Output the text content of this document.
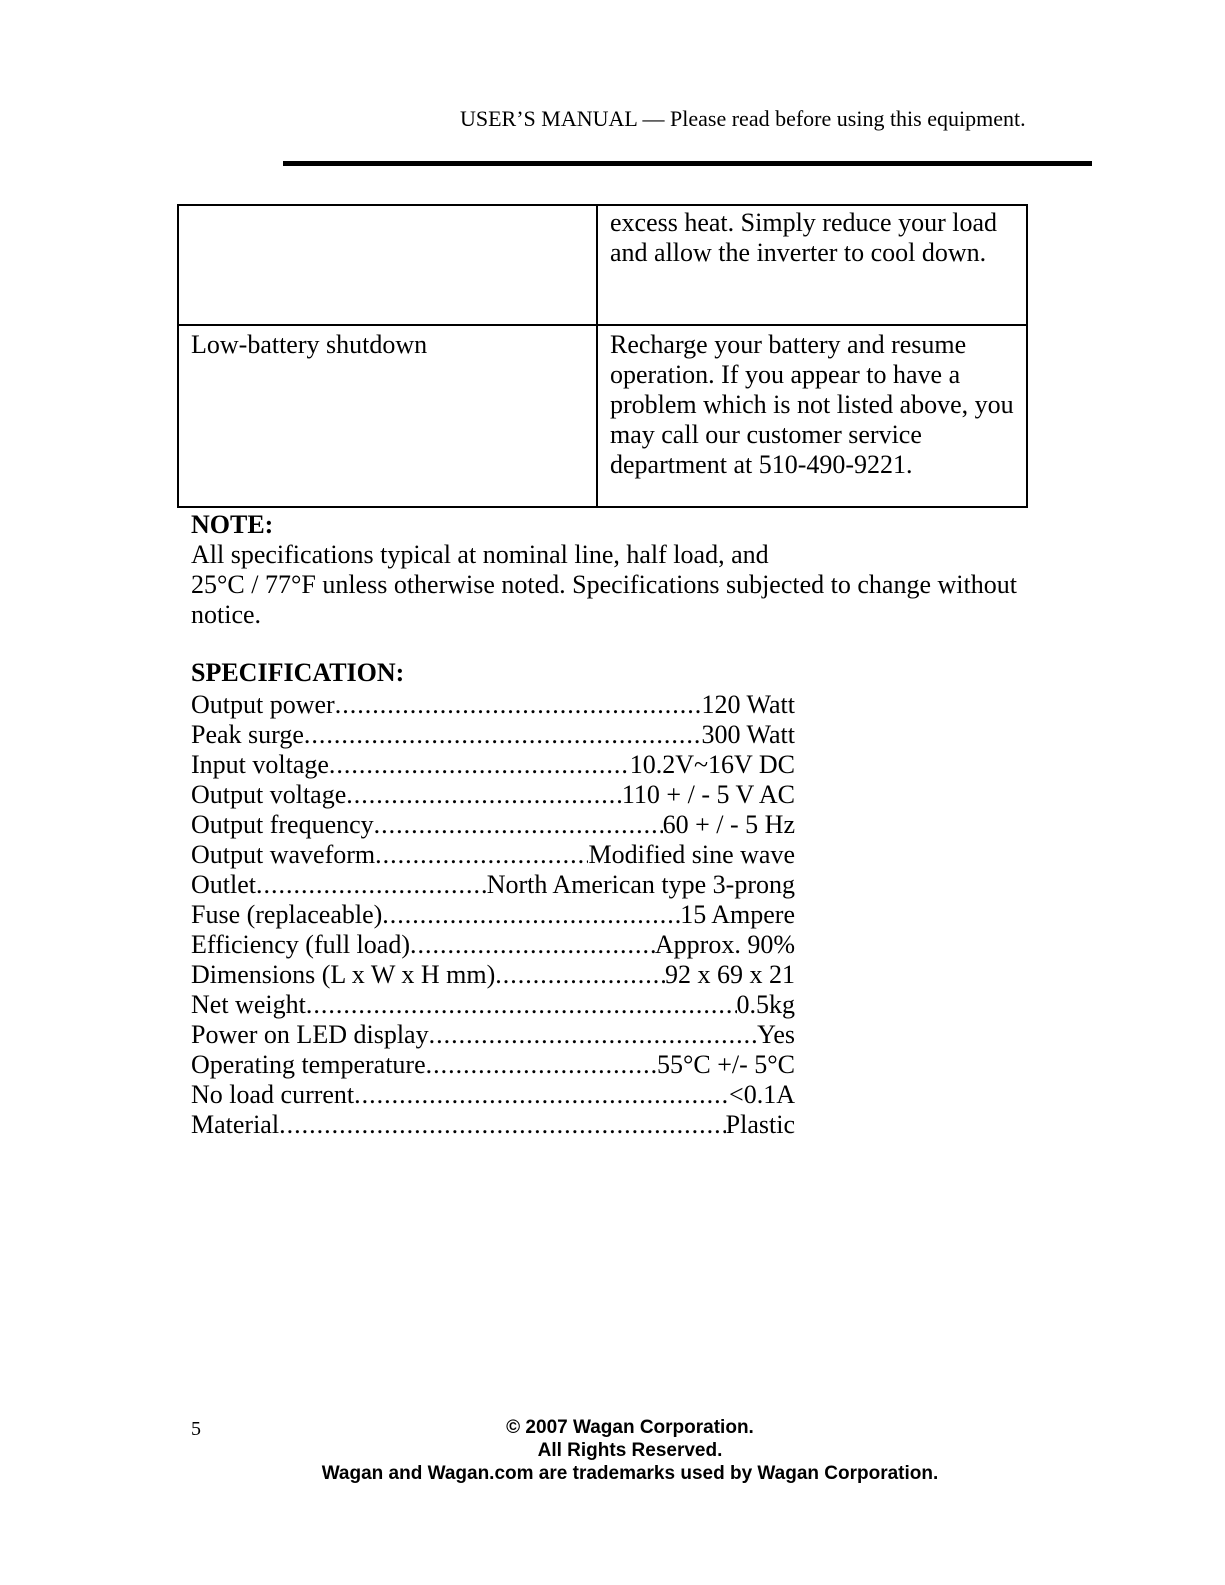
USER’S MANUAL — Please read before using this equipment.
	excess heat. Simply reduce your load and allow the inverter to cool down.
Low-battery shutdown	Recharge your battery and resume operation. If you appear to have a problem which is not listed above, you may call our customer service department at 510-490-9221.
NOTE:
All specifications typical at nominal line, half load, and
25°C / 77°F unless otherwise noted. Specifications subjected to change without notice.
SPECIFICATION:
Output power .....	120 Watt
Peak surge .....	300 Watt
Input voltage .....	10.2V~16V DC
Output voltage .....	110 + / - 5 V AC
Output frequency .....	60 + / - 5 Hz
Output waveform .....	Modified sine wave
Outlet .....	North American type 3-prong
Fuse (replaceable) .....	15 Ampere
Efficiency (full load) .....	Approx. 90%
Dimensions (L x W x H mm) .....	92 x 69 x 21
Net weight .....	0.5kg
Power on LED display .....	Yes
Operating temperature .....	55°C +/- 5°C
No load current .....	<0.1A
Material .....	Plastic
5	© 2007 Wagan Corporation.
All Rights Reserved.
Wagan and Wagan.com are trademarks used by Wagan Corporation.
